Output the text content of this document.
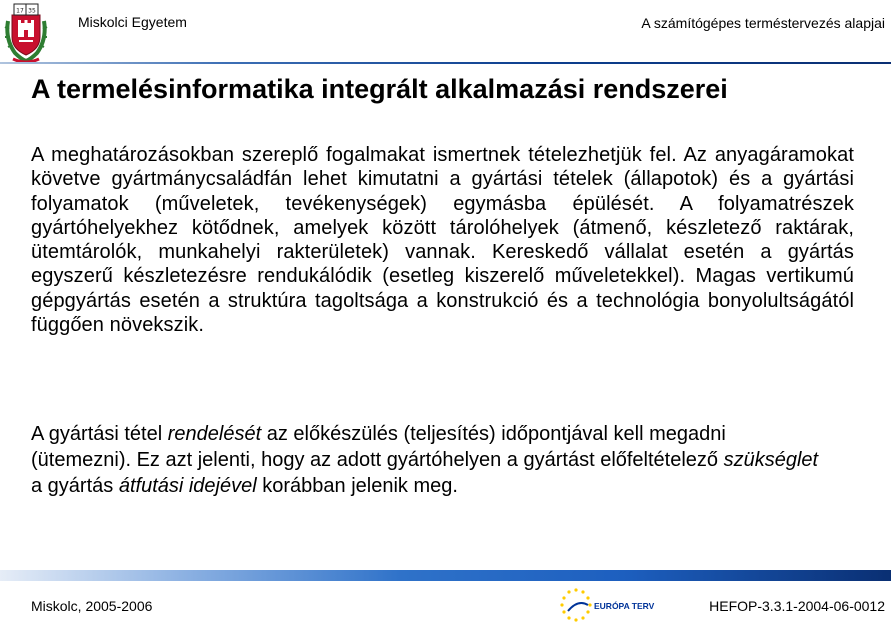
17 35
Miskolci Egyetem	A számítógépes terméstervezés alapjai
A termelésinformatika integrált alkalmazási rendszerei
A meghatározásokban szereplő fogalmakat ismertnek tételezhetjük fel. Az anyagáramokat követve gyártmánycsaládfán lehet kimutatni a gyártási tételek (állapotok) és a gyártási folyamatok (műveletek, tevékenységek) egymásba épülését. A folyamatrészek gyártóhelyekhez kötődnek, amelyek között tárolóhelyek (átmenő, készletező raktárak, ütemtárolók, munkahelyi rakterületek) vannak. Kereskedő vállalat esetén a gyártás egyszerű készletezésre rendukálódik (esetleg kiszerelő műveletekkel). Magas vertikumú gépgyártás esetén a struktúra tagoltsága a konstrukció és a technológia bonyolultságától függően növekszik.
A gyártási tétel rendelését az előkészülés (teljesítés) időpontjával kell megadni (ütemezni). Ez azt jelenti, hogy az adott gyártóhelyen a gyártást előfeltételező szükséglet a gyártás átfutási idejével korábban jelenik meg.
Miskolc, 2005-2006	EURÓPA TERV	HEFOP-3.3.1-2004-06-0012
